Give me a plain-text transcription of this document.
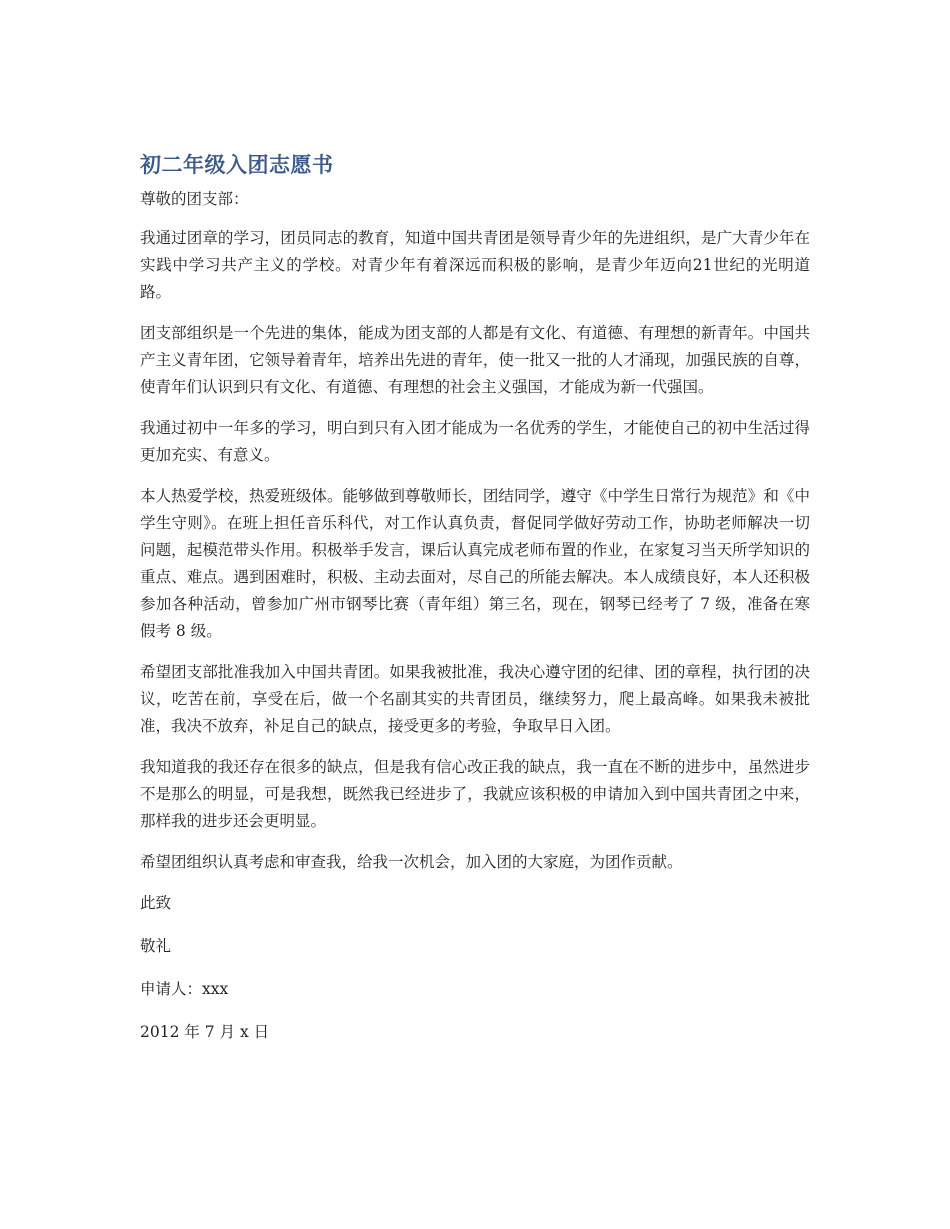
初二年级入团志愿书
尊敬的团支部：

我通过团章的学习，团员同志的教育，知道中国共青团是领导青少年的先进组织，是广大青少年在实践中学习共产主义的学校。对青少年有着深远而积极的影响，是青少年迈向21世纪的光明道路。

团支部组织是一个先进的集体，能成为团支部的人都是有文化、有道德、有理想的新青年。中国共产主义青年团，它领导着青年，培养出先进的青年，使一批又一批的人才涌现，加强民族的自尊，使青年们认识到只有文化、有道德、有理想的社会主义强国，才能成为新一代强国。

我通过初中一年多的学习，明白到只有入团才能成为一名优秀的学生，才能使自己的初中生活过得更加充实、有意义。

本人热爱学校，热爱班级体。能够做到尊敬师长，团结同学，遵守《中学生日常行为规范》和《中学生守则》。在班上担任音乐科代，对工作认真负责，督促同学做好劳动工作，协助老师解决一切问题，起模范带头作用。积极举手发言，课后认真完成老师布置的作业，在家复习当天所学知识的重点、难点。遇到困难时，积极、主动去面对，尽自己的所能去解决。本人成绩良好，本人还积极参加各种活动，曾参加广州市钢琴比赛（青年组）第三名，现在，钢琴已经考了 7 级，准备在寒假考 8 级。

希望团支部批准我加入中国共青团。如果我被批准，我决心遵守团的纪律、团的章程，执行团的决议，吃苦在前，享受在后，做一个名副其实的共青团员，继续努力，爬上最高峰。如果我未被批准，我决不放弃，补足自己的缺点，接受更多的考验，争取早日入团。

我知道我的我还存在很多的缺点，但是我有信心改正我的缺点，我一直在不断的进步中，虽然进步不是那么的明显，可是我想，既然我已经进步了，我就应该积极的申请加入到中国共青团之中来，那样我的进步还会更明显。

希望团组织认真考虑和审查我，给我一次机会，加入团的大家庭，为团作贡献。

此致
敬礼
申请人：xxx
2012 年 7 月 x 日
